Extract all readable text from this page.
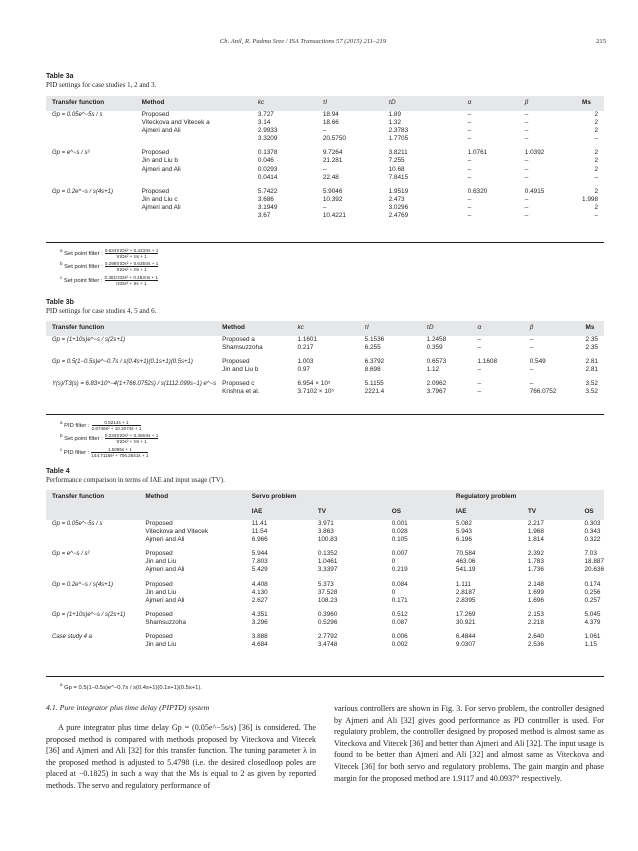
Ch. Anil, R. Padma Sree / ISA Transactions 57 (2015) 211–219	215
Table 3a
PID settings for case studies 1, 2 and 3.
Transfer function	Method	kc	τI	τD	α	β	Ms
Gp = 0.05e^−5s / s	Proposed	3.727	18.94	1.89	–	–	2
	Viteckova and Vitecek a	3.14	18.66	1.32	–	–	2
	Ajmeri and Ali	2.9933	–	2.3783	–	–	2
		3.3209	20.5750	1.7705	–	–	–
Gp = e^−s / s²	Proposed	0.1378	9.7264	3.8211	1.0761	1.0392	2
	Jin and Liu b	0.046	21.281	7.255	–	–	2
	Ajmeri and Ali	0.0293	–	10.68	–	–	2
		0.0414	22.48	7.8415	–	–	–
Gp = 0.2e^−s / s(4s+1)	Proposed	5.7422	5.9046	1.9519	0.6320	0.4915	2
	Jin and Liu c	3.686	10.392	2.473	–	–	1.998
	Ajmeri and Ali	3.1949	–	3.0296	–	–	2
		3.67	10.4221	2.4769	–	–	–
$^a$ Set point filter : $\frac{\text{0.634τIτDs² + 0.423τIs + 1}}{\text{τIτDs² + τIs + 1}}$
$^b$ Set point filter : $\frac{\text{0.298τIτDs² + 0.635τIs + 1}}{\text{τIτDs² + τIs + 1}}$
$^c$ Set point filter : $\frac{\text{0.381τIτDs² + 0.483τIs + 1}}{\text{τIτDs² + τIs + 1}}$
Table 3b
PID settings for case studies 4, 5 and 6.
Transfer function	Method	kc	τI	τD	α	β	Ms
Gp = (1+10s)e^−s / s(2s+1)	Proposed a	1.1601	5.1536	1.2458	–	–	2.35
	Shamsuzzoha	0.217	6.255	0.359	–	–	2.35
Gp = 0.5(1−0.5s)e^−0.7s / s(0.4s+1)(0.1s+1)(0.5s+1)	Proposed	1.003	6.3792	0.6573	1.1608	0.549	2.81
	Jin and Liu b	0.97	8.698	1.12	–	–	2.81
Y(s)/T3(s) = 6.83×10^−4(1+766.0752s) / s(1112.099s−1) e^−s	Proposed c	6.954 × 10⁵	5.1155	2.0962	–	–	3.52
	Krishna et al.	3.7102 × 10⁵	2221.4	3.7967	–	766.0752	3.52
$^a$ PID filter : $\frac{0.5214s + 1}{\text{2.6746s² + 10.2074s + 1}}$
$^b$ Set point filter : $\frac{\text{0.233τIτDs² + 0.465τIs + 1}}{\text{τIτDs² + τIs + 1}}$
$^c$ PID filter : $\frac{1.5095s + 1}{\text{144.7116s² + 706.2641s + 1}}$
Table 4
Performance comparison in terms of IAE and input usage (TV).
Transfer function	Method	Servo problem			Regulatory problem		
		IAE	TV	OS	IAE	TV	OS
Gp = 0.05e^−5s / s	Proposed	11.41	3.971	0.001	5.082	2.217	0.303
	Viteckova and Vitecek	11.54	3.863	0.028	5.943	1.968	0.343
	Ajmeri and Ali	6.966	100.83	0.105	6.196	1.814	0.322
Gp = e^−s / s²	Proposed	5.944	0.1352	0.007	70.584	2.392	7.03
	Jin and Liu	7.803	1.0461	0	463.06	1.783	18.887
	Ajmeri and Ali	5.429	3.3397	0.219	541.19	1.736	20.636
Gp = 0.2e^−s / s(4s+1)	Proposed	4.408	5.373	0.084	1.111	2.148	0.174
	Jin and Liu	4.130	37.528	0	2.8187	1.699	0.256
	Ajmeri and Ali	2.627	108.23	0.171	2.8395	1.696	0.257
Gp = (1+10s)e^−s / s(2s+1)	Proposed	4.351	0.3960	0.512	17.269	2.153	5.045
	Shamsuzzoha	3.296	0.5296	0.087	30.921	2.218	4.379
Case study 4 a	Proposed	3.888	2.7792	0.006	6.4844	2.640	1.061
	Jin and Liu	4.684	3.4748	0.002	9.0307	2.536	1.15
$^a$ Gp = 0.5(1−0.5s)e^−0.7s / s(0.4s+1)(0.1s+1)(0.5s+1).
4.1. Pure integrator plus time delay (PIPTD) system

A pure integrator plus time delay Gp = (0.05e^−5s/s) [36] is considered. The proposed method is compared with methods proposed by Viteckova and Vitecek [36] and Ajmeri and Ali [32] for this transfer function. The tuning parameter λ in the proposed method is adjusted to 5.4798 (i.e. the desired closedloop poles are placed at −0.1825) in such a way that the Ms is equal to 2 as given by reported methods. The servo and regulatory performance of

various controllers are shown in Fig. 3. For servo problem, the controller designed by Ajmeri and Ali [32] gives good performance as PD controller is used. For regulatory problem, the controller designed by proposed method is almost same as Viteckova and Vitecek [36] and better than Ajmeri and Ali [32]. The input usage is found to be better than Ajmeri and Ali [32] and almost same as Viteckova and Vitecek [36] for both servo and regulatory problems. The gain margin and phase margin for the proposed method are 1.9117 and 40.0937° respectively.
